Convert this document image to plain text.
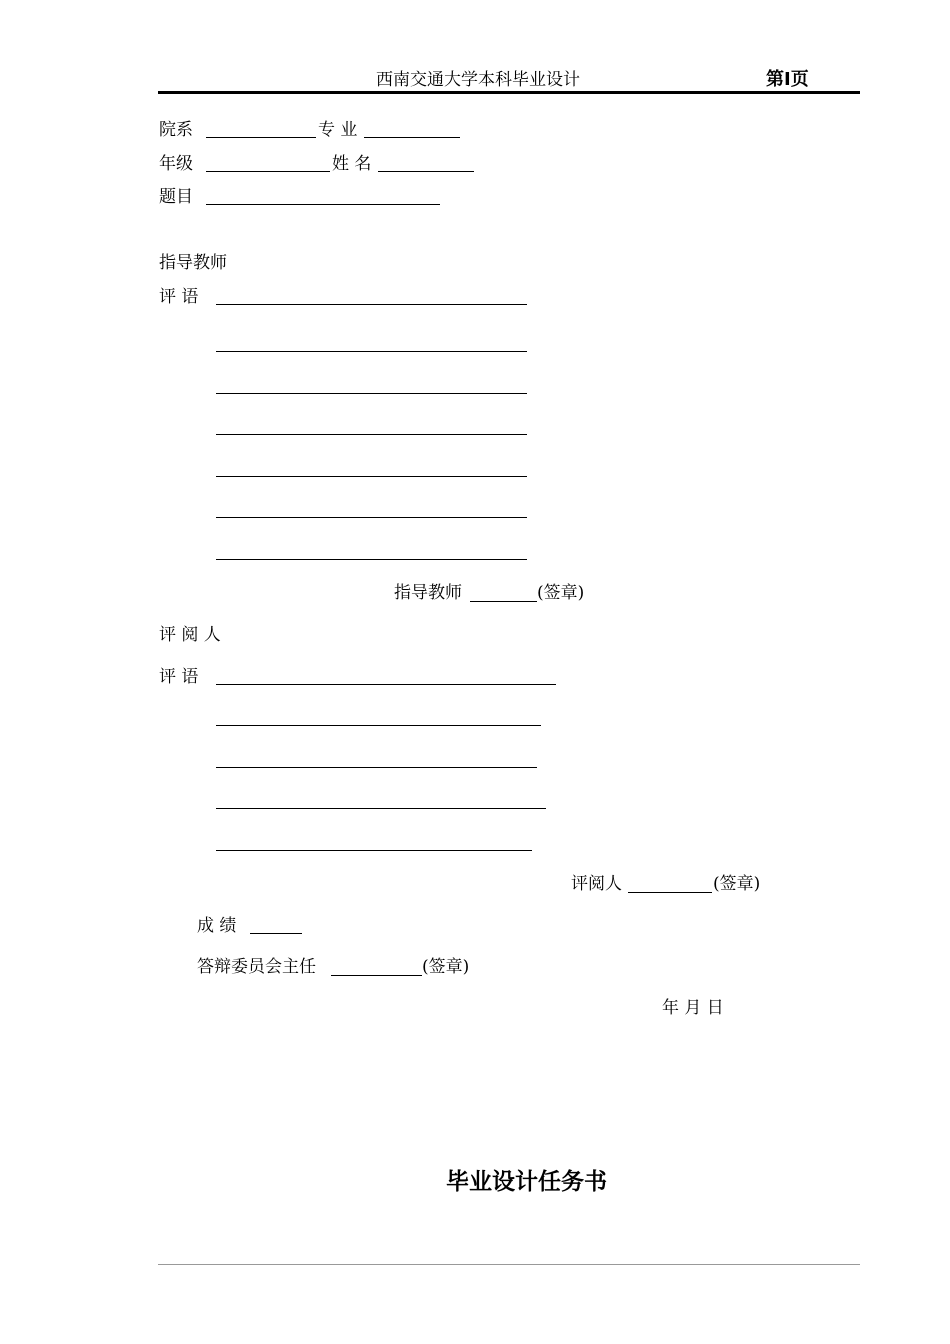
西南交通大学本科毕业设计	第Ⅰ页
院系	专 业
年级	姓 名
题目
指导教师
评 语
指导教师	(签章)
评 阅 人
评 语
评阅人	(签章)
成 绩
答辩委员会主任	(签章)
年 月 日
毕业设计任务书
